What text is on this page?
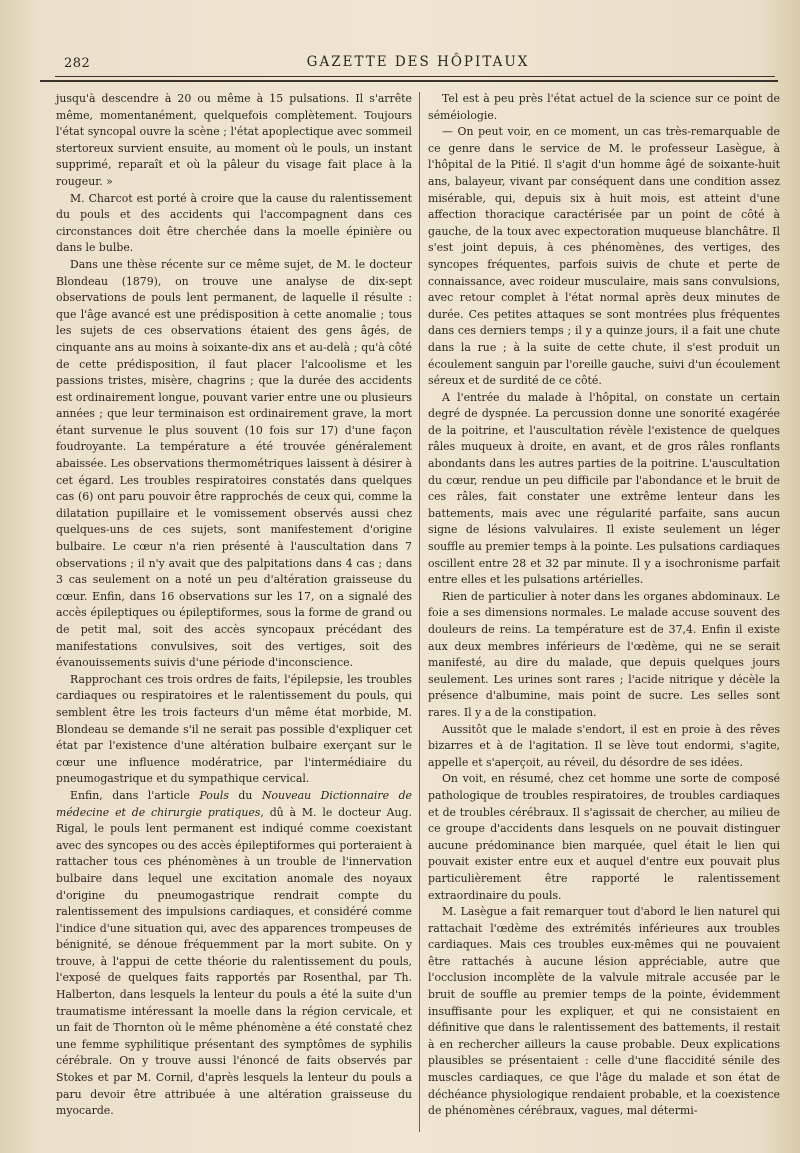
282	GAZETTE DES HÔPITAUX

jusqu'à descendre à 20 ou même à 15 pulsations. Il s'arrête même, momentanément, quelquefois complètement. Toujours l'état syncopal ouvre la scène ; l'état apoplectique avec sommeil stertoreux survient ensuite, au moment où le pouls, un instant supprimé, reparaît et où la pâleur du visage fait place à la rougeur. »

M. Charcot est porté à croire que la cause du ralentissement du pouls et des accidents qui l'accompagnent dans ces circonstances doit être cherchée dans la moelle épinière ou dans le bulbe.

Dans une thèse récente sur ce même sujet, de M. le docteur Blondeau (1879), on trouve une analyse de dix-sept observations de pouls lent permanent, de laquelle il résulte : que l'âge avancé est une prédisposition à cette anomalie ; tous les sujets de ces observations étaient des gens âgés, de cinquante ans au moins à soixante-dix ans et au-delà ; qu'à côté de cette prédisposition, il faut placer l'alcoolisme et les passions tristes, misère, chagrins ; que la durée des accidents est ordinairement longue, pouvant varier entre une ou plusieurs années ; que leur terminaison est ordinairement grave, la mort étant survenue le plus souvent (10 fois sur 17) d'une façon foudroyante. La température a été trouvée généralement abaissée. Les observations thermométriques laissent à désirer à cet égard. Les troubles respiratoires constatés dans quelques cas (6) ont paru pouvoir être rapprochés de ceux qui, comme la dilatation pupillaire et le vomissement observés aussi chez quelques-uns de ces sujets, sont manifestement d'origine bulbaire. Le cœur n'a rien présenté à l'auscultation dans 7 observations ; il n'y avait que des palpitations dans 4 cas ; dans 3 cas seulement on a noté un peu d'altération graisseuse du cœur. Enfin, dans 16 observations sur les 17, on a signalé des accès épileptiques ou épileptiformes, sous la forme de grand ou de petit mal, soit des accès syncopaux précédant des manifestations convulsives, soit des vertiges, soit des évanouissements suivis d'une période d'inconscience.

Rapprochant ces trois ordres de faits, l'épilepsie, les troubles cardiaques ou respiratoires et le ralentissement du pouls, qui semblent être les trois facteurs d'un même état morbide, M. Blondeau se demande s'il ne serait pas possible d'expliquer cet état par l'existence d'une altération bulbaire exerçant sur le cœur une influence modératrice, par l'intermédiaire du pneumogastrique et du sympathique cervical.

Enfin, dans l'article Pouls du Nouveau Dictionnaire de médecine et de chirurgie pratiques, dû à M. le docteur Aug. Rigal, le pouls lent permanent est indiqué comme coexistant avec des syncopes ou des accès épileptiformes qui porteraient à rattacher tous ces phénomènes à un trouble de l'innervation bulbaire dans lequel une excitation anomale des noyaux d'origine du pneumogastrique rendrait compte du ralentissement des impulsions cardiaques, et considéré comme l'indice d'une situation qui, avec des apparences trompeuses de bénignité, se dénoue fréquemment par la mort subite. On y trouve, à l'appui de cette théorie du ralentissement du pouls, l'exposé de quelques faits rapportés par Rosenthal, par Th. Halberton, dans lesquels la lenteur du pouls a été la suite d'un traumatisme intéressant la moelle dans la région cervicale, et un fait de Thornton où le même phénomène a été constaté chez une femme syphilitique présentant des symptômes de syphilis cérébrale. On y trouve aussi l'énoncé de faits observés par Stokes et par M. Cornil, d'après lesquels la lenteur du pouls a paru devoir être attribuée à une altération graisseuse du myocarde.

Tel est à peu près l'état actuel de la science sur ce point de séméiologie.

— On peut voir, en ce moment, un cas très-remarquable de ce genre dans le service de M. le professeur Lasègue, à l'hôpital de la Pitié. Il s'agit d'un homme âgé de soixante-huit ans, balayeur, vivant par conséquent dans une condition assez misérable, qui, depuis six à huit mois, est atteint d'une affection thoracique caractérisée par un point de côté à gauche, de la toux avec expectoration muqueuse blanchâtre. Il s'est joint depuis, à ces phénomènes, des vertiges, des syncopes fréquentes, parfois suivis de chute et perte de connaissance, avec roideur musculaire, mais sans convulsions, avec retour complet à l'état normal après deux minutes de durée. Ces petites attaques se sont montrées plus fréquentes dans ces derniers temps ; il y a quinze jours, il a fait une chute dans la rue ; à la suite de cette chute, il s'est produit un écoulement sanguin par l'oreille gauche, suivi d'un écoulement séreux et de surdité de ce côté.

A l'entrée du malade à l'hôpital, on constate un certain degré de dyspnée. La percussion donne une sonorité exagérée de la poitrine, et l'auscultation révèle l'existence de quelques râles muqueux à droite, en avant, et de gros râles ronflants abondants dans les autres parties de la poitrine. L'auscultation du cœur, rendue un peu difficile par l'abondance et le bruit de ces râles, fait constater une extrême lenteur dans les battements, mais avec une régularité parfaite, sans aucun signe de lésions valvulaires. Il existe seulement un léger souffle au premier temps à la pointe. Les pulsations cardiaques oscillent entre 28 et 32 par minute. Il y a isochronisme parfait entre elles et les pulsations artérielles.

Rien de particulier à noter dans les organes abdominaux. Le foie a ses dimensions normales. Le malade accuse souvent des douleurs de reins. La température est de 37,4. Enfin il existe aux deux membres inférieurs de l'œdème, qui ne se serait manifesté, au dire du malade, que depuis quelques jours seulement. Les urines sont rares ; l'acide nitrique y décèle la présence d'albumine, mais point de sucre. Les selles sont rares. Il y a de la constipation.

Aussitôt que le malade s'endort, il est en proie à des rêves bizarres et à de l'agitation. Il se lève tout endormi, s'agite, appelle et s'aperçoit, au réveil, du désordre de ses idées.

On voit, en résumé, chez cet homme une sorte de composé pathologique de troubles respiratoires, de troubles cardiaques et de troubles cérébraux. Il s'agissait de chercher, au milieu de ce groupe d'accidents dans lesquels on ne pouvait distinguer aucune prédominance bien marquée, quel était le lien qui pouvait exister entre eux et auquel d'entre eux pouvait plus particulièrement être rapporté le ralentissement extraordinaire du pouls.

M. Lasègue a fait remarquer tout d'abord le lien naturel qui rattachait l'œdème des extrémités inférieures aux troubles cardiaques. Mais ces troubles eux-mêmes qui ne pouvaient être rattachés à aucune lésion appréciable, autre que l'occlusion incomplète de la valvule mitrale accusée par le bruit de souffle au premier temps de la pointe, évidemment insuffisante pour les expliquer, et qui ne consistaient en définitive que dans le ralentissement des battements, il restait à en rechercher ailleurs la cause probable. Deux explications plausibles se présentaient : celle d'une flaccidité sénile des muscles cardiaques, ce que l'âge du malade et son état de déchéance physiologique rendaient probable, et la coexistence de phénomènes cérébraux, vagues, mal détermi-
